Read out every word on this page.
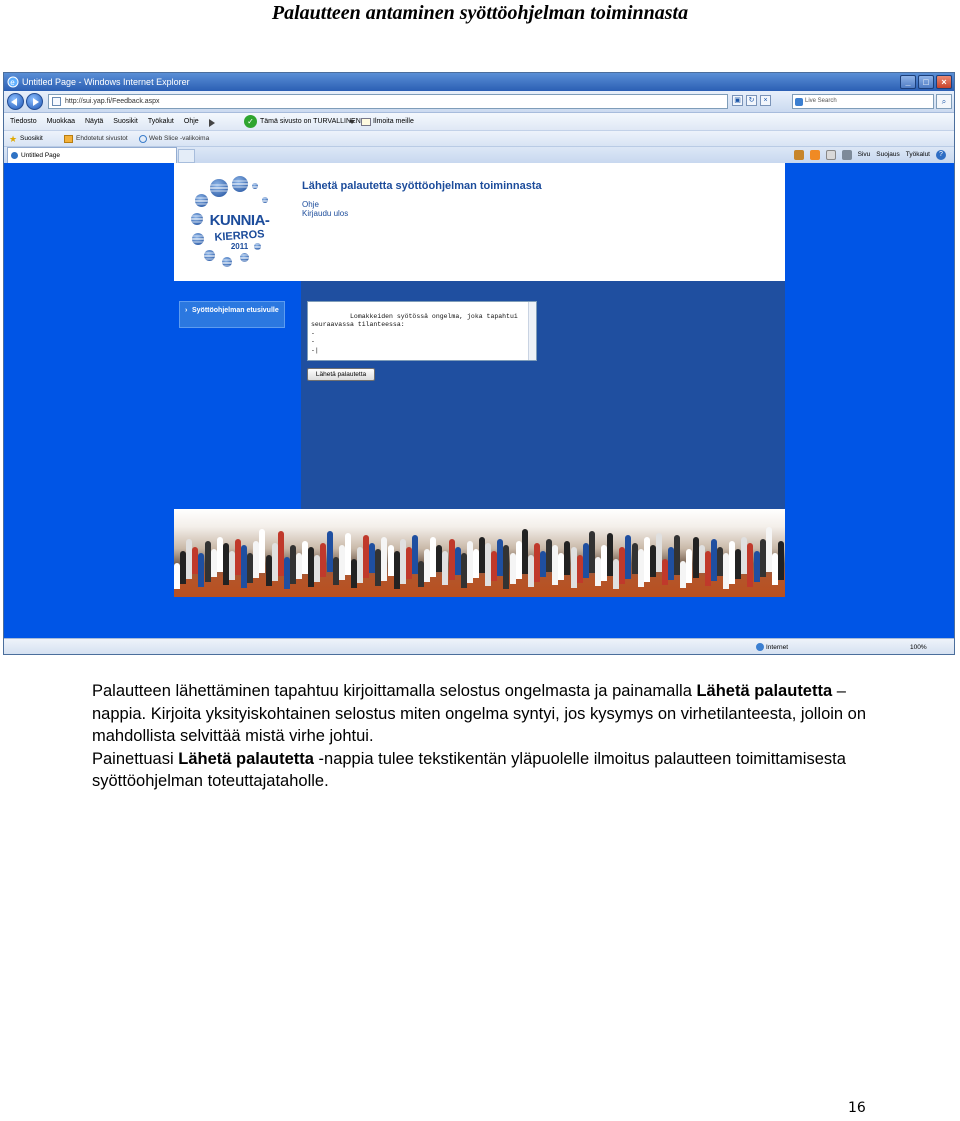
Palautteen antaminen syöttöohjelman toiminnasta
e Untitled Page - Windows Internet Explorer	_	□	×
http://sui.yap.fi/Feedback.aspx	▣	↻	×	Live Search	⌕
Tiedosto Muokkaa Näytä Suosikit Työkalut Ohje	✓ Tämä sivusto on TURVALLINEN Ilmoita meille
★ Suosikit	Ehdotetut sivustot	Web Slice -valikoima
Untitled Page	Sivu Suojaus Työkalut	?
KUNNIA-
KIERROS
2011
Lähetä palautetta syöttöohjelman toiminnasta
Ohje
Kirjaudu ulos
› Syöttöohjelman etusivulle

Lomakkeiden syötössä ongelma, joka tapahtui
seuraavassa tilanteessa:
-
-
-|

Lähetä palautetta
Internet	100%
Palautteen lähettäminen tapahtuu kirjoittamalla selostus ongelmasta ja painamalla Lähetä palautetta –nappia. Kirjoita yksityiskohtainen selostus miten ongelma syntyi, jos kysymys on virhetilanteesta, jolloin on mahdollista selvittää mistä virhe johtui.
Painettuasi Lähetä palautetta -nappia tulee tekstikentän yläpuolelle ilmoitus palautteen toimittamisesta syöttöohjelman toteuttajataholle.
16
